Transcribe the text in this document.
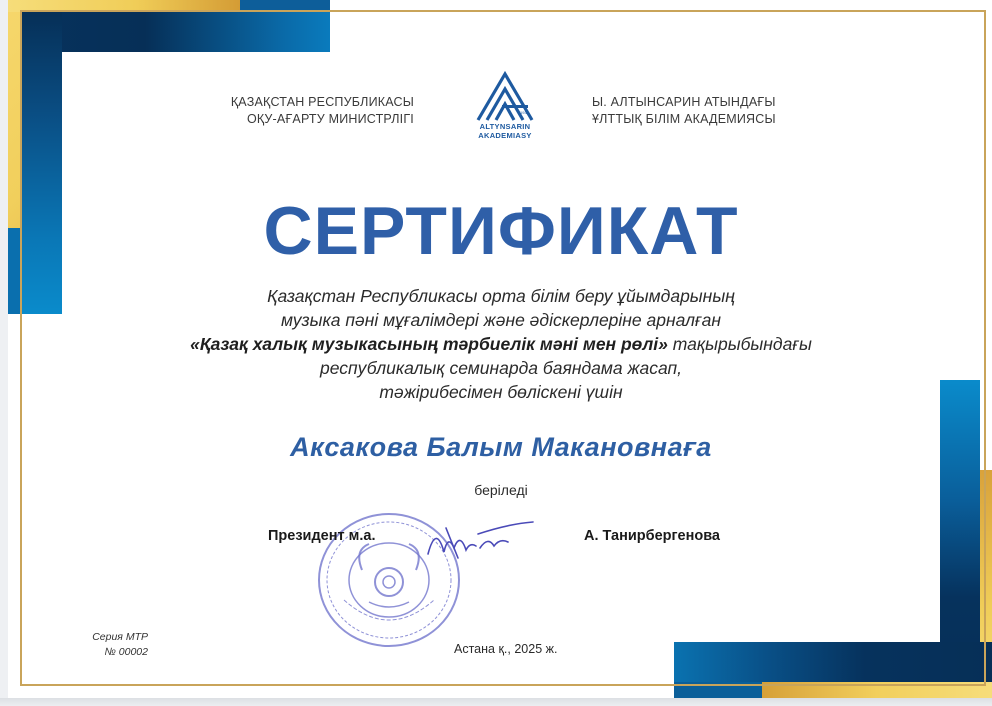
ҚАЗАҚСТАН РЕСПУБЛИКАСЫ
ОҚУ-АҒАРТУ МИНИСТРЛІГІ	1931
ALTYNSARIN
AKADEMIASY
Ы. АЛТЫНСАРИН АТЫНДАҒЫ
ҰЛТТЫҚ БІЛІМ АКАДЕМИЯСЫ
СЕРТИФИКАТ
Қазақстан Республикасы орта білім беру ұйымдарының
музыка пәні мұғалімдері және әдіскерлеріне арналған
«Қазақ халық музыкасының тәрбиелік мәні мен рөлі» тақырыбындағы
республикалық семинарда баяндама жасап,
тәжірибесімен бөліскені үшін
Аксакова Балым Макановнаға
беріледі
Президент м.а.	А. Танирбергенова
Серия МТР
№ 00002	Астана қ., 2025 ж.
